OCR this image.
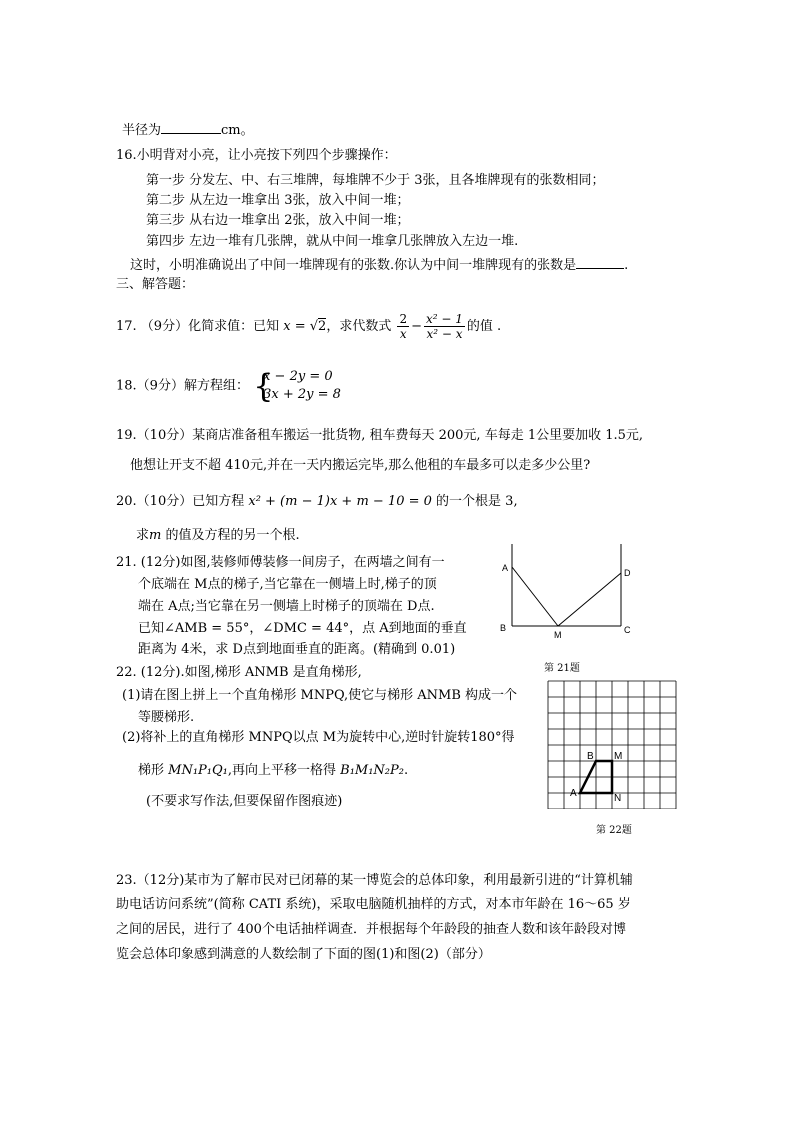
半径为	cm。
16.小明背对小亮，让小亮按下列四个步骤操作：
第一步 分发左、中、右三堆牌，每堆牌不少于 3张，且各堆牌现有的张数相同；
第二步 从左边一堆拿出 3张，放入中间一堆；
第三步 从右边一堆拿出 2张，放入中间一堆；
第四步 左边一堆有几张牌，就从中间一堆拿几张牌放入左边一堆.
这时，小明准确说出了中间一堆牌现有的张数.你认为中间一堆牌现有的张数是	.
三、解答题：
17. （9分）化简求值：已知 x = √2，求代数式 $\frac{2}{x} - \frac{\text{x² − 1}}{\text{x² − x}}$ 的值 .
18.（9分）解方程组： {
x − 2y = 0
3x + 2y = 8
19.（10分）某商店准备租车搬运一批货物, 租车费每天 200元, 车每走 1公里要加收 1.5元,
他想让开支不超 410元,并在一天内搬运完毕,那么他租的车最多可以走多少公里?
20.（10分）已知方程 x² + (m − 1)x + m − 10 = 0 的一个根是 3,
求m 的值及方程的另一个根.
21. (12分)如图,装修师傅装修一间房子，在两墙之间有一
个底端在 M点的梯子,当它靠在一侧墙上时,梯子的顶
端在 A点;当它靠在另一侧墙上时梯子的顶端在 D点.
已知∠AMB = 55°，∠DMC = 44°，点 A到地面的垂直
距离为 4米，求 D点到地面垂直的距离。(精确到 0.01)
A
B
M	C
D
第 21题
22. (12分).如图,梯形 ANMB 是直角梯形,
(1)请在图上拼上一个直角梯形 MNPQ,使它与梯形 ANMB 构成一个
等腰梯形.
(2)将补上的直角梯形 MNPQ以点 M为旋转中心,逆时针旋转180°得
梯形 MN₁P₁Q₁,再向上平移一格得 B₁M₁N₂P₂.
(不要求写作法,但要保留作图痕迹)
B M
A	N
第 22题
23.（12分)某市为了解市民对已闭幕的某一博览会的总体印象，利用最新引进的“计算机辅
助电话访问系统”(简称 CATI 系统)，采取电脑随机抽样的方式，对本市年龄在 16～65 岁
之间的居民，进行了 400个电话抽样调查．并根据每个年龄段的抽查人数和该年龄段对博
览会总体印象感到满意的人数绘制了下面的图(1)和图(2)（部分）
